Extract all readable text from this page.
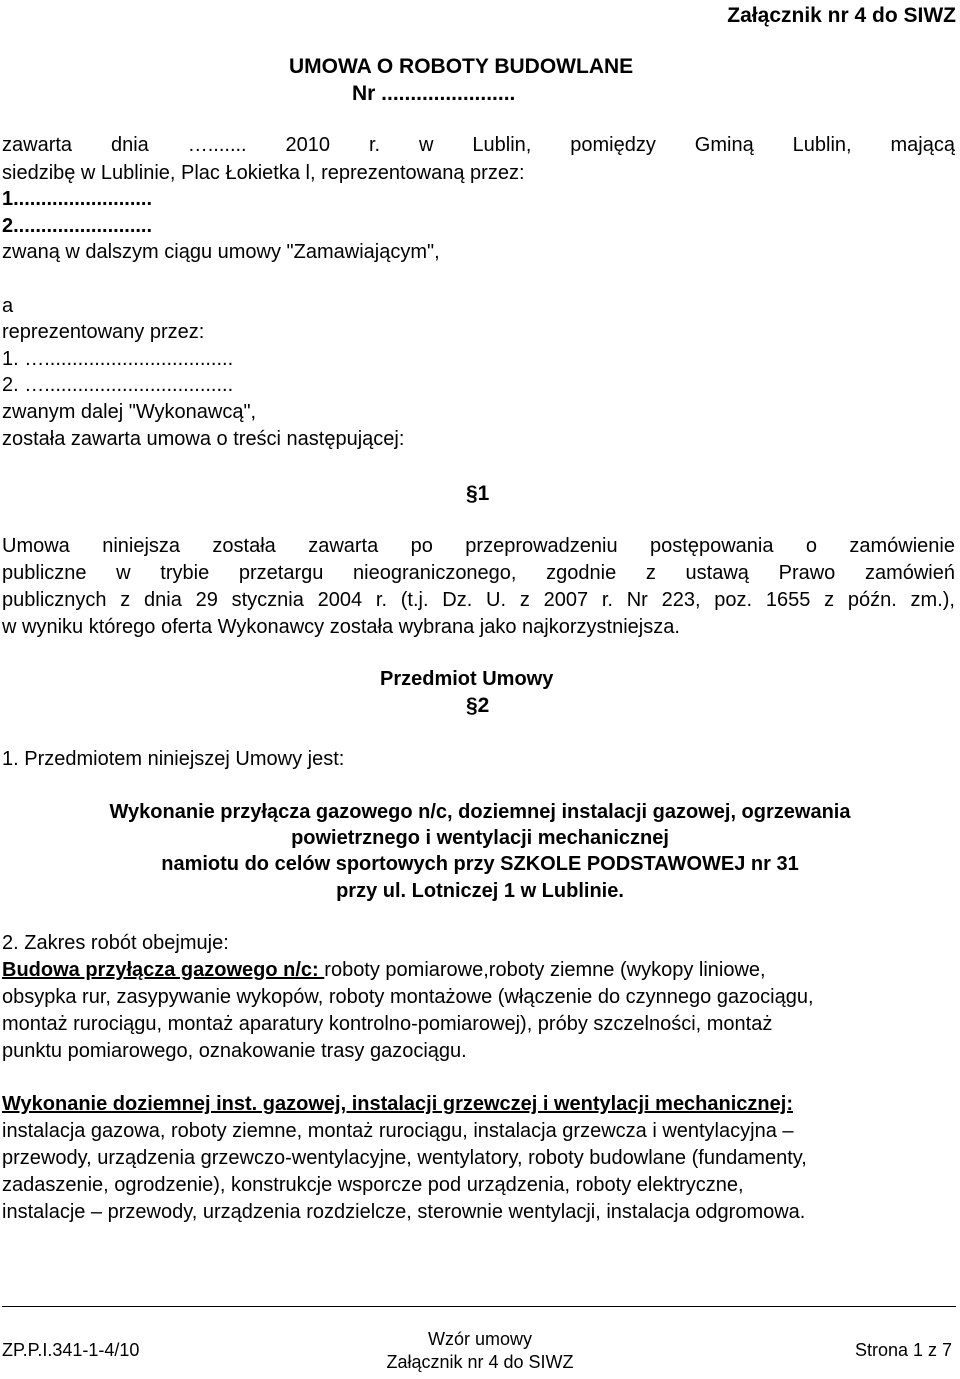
Załącznik nr 4 do SIWZ
UMOWA O ROBOTY BUDOWLANE
Nr .......................
zawarta dnia …....... 2010 r. w Lublin, pomiędzy Gminą Lublin, mającą
siedzibę w Lublinie, Plac Łokietka l, reprezentowaną przez:
1.........................
2.........................
zwaną w dalszym ciągu umowy "Zamawiającym",
a
reprezentowany przez:
1. …..................................
2. …..................................
zwanym dalej "Wykonawcą",
została zawarta umowa o treści następującej:
§1
Umowa niniejsza została zawarta po przeprowadzeniu postępowania o zamówienie
publiczne w trybie przetargu nieograniczonego, zgodnie z ustawą Prawo zamówień
publicznych z dnia 29 stycznia 2004 r. (t.j. Dz. U. z 2007 r. Nr 223, poz. 1655 z późn. zm.),
w wyniku którego oferta Wykonawcy została wybrana jako najkorzystniejsza.
Przedmiot Umowy
§2
1. Przedmiotem niniejszej Umowy jest:
Wykonanie przyłącza gazowego n/c, doziemnej instalacji gazowej, ogrzewania
powietrznego i wentylacji mechanicznej
namiotu do celów sportowych przy SZKOLE PODSTAWOWEJ nr 31
przy ul. Lotniczej 1 w Lublinie.
2. Zakres robót obejmuje:
Budowa przyłącza gazowego n/c: roboty pomiarowe,roboty ziemne (wykopy liniowe,
obsypka rur, zasypywanie wykopów, roboty montażowe (włączenie do czynnego gazociągu,
montaż rurociągu, montaż aparatury kontrolno-pomiarowej), próby szczelności, montaż
punktu pomiarowego, oznakowanie trasy gazociągu.
Wykonanie doziemnej inst. gazowej, instalacji grzewczej i wentylacji mechanicznej:
instalacja gazowa, roboty ziemne, montaż rurociągu, instalacja grzewcza i wentylacyjna –
przewody, urządzenia grzewczo-wentylacyjne, wentylatory, roboty budowlane (fundamenty,
zadaszenie, ogrodzenie), konstrukcje wsporcze pod urządzenia, roboty elektryczne,
instalacje – przewody, urządzenia rozdzielcze, sterownie wentylacji, instalacja odgromowa.
ZP.P.I.341-1-4/10
Wzór umowy
Załącznik nr 4 do SIWZ
Strona 1 z 7
